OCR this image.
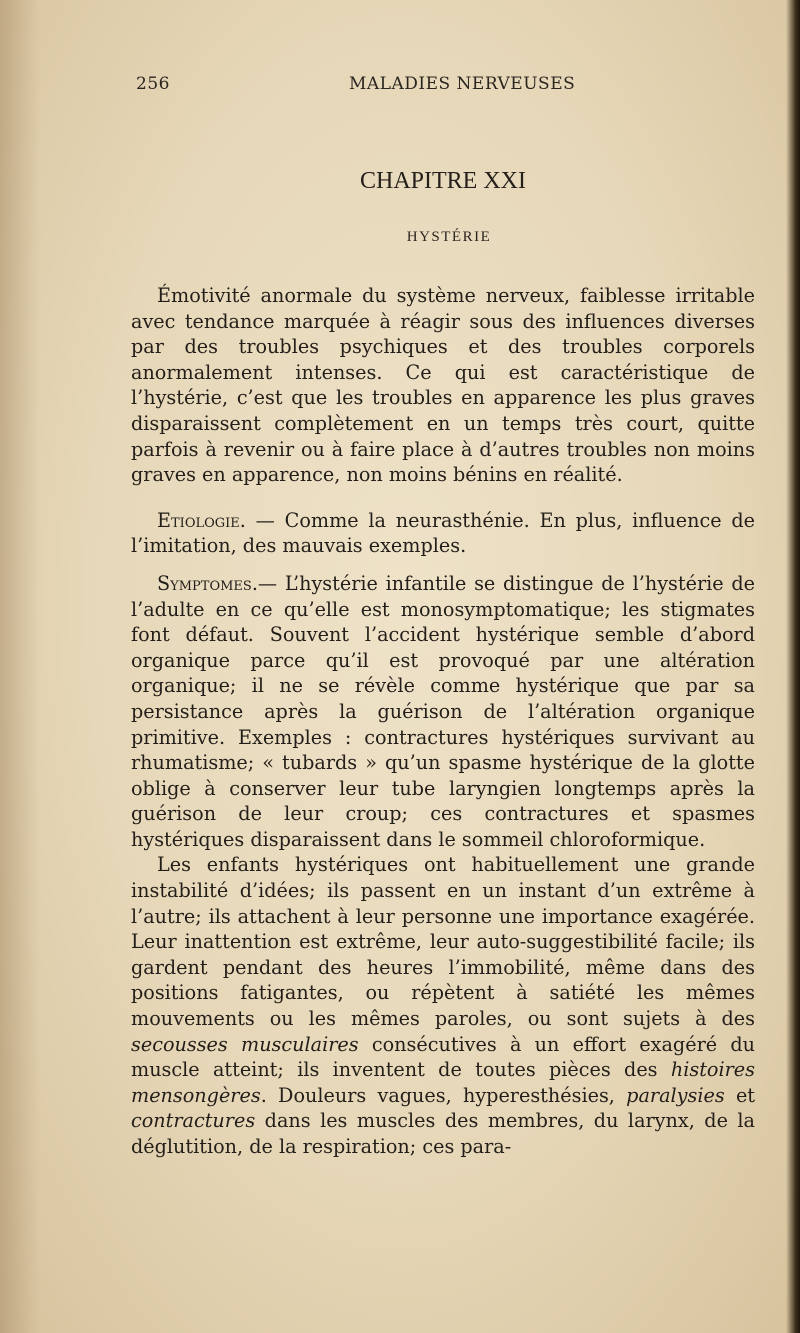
256	MALADIES NERVEUSES
CHAPITRE XXI
HYSTÉRIE

Émotivité anormale du système nerveux, faiblesse irritable avec tendance marquée à réagir sous des influences diverses par des troubles psychiques et des troubles corporels anormalement intenses. Ce qui est caractéristique de l’hystérie, c’est que les troubles en apparence les plus graves disparaissent complètement en un temps très court, quitte parfois à revenir ou à faire place à d’autres troubles non moins graves en apparence, non moins bénins en réalité.

Etiologie. — Comme la neurasthénie. En plus, influence de l’imitation, des mauvais exemples.

Symptomes.— L’hystérie infantile se distingue de l’hystérie de l’adulte en ce qu’elle est monosymptomatique; les stigmates font défaut. Souvent l’accident hystérique semble d’abord organique parce qu’il est provoqué par une altération organique; il ne se révèle comme hystérique que par sa persistance après la guérison de l’altération organique primitive. Exemples : contractures hystériques survivant au rhumatisme; « tubards » qu’un spasme hystérique de la glotte oblige à conserver leur tube laryngien longtemps après la guérison de leur croup; ces contractures et spasmes hystériques disparaissent dans le sommeil chloroformique.

Les enfants hystériques ont habituellement une grande instabilité d’idées; ils passent en un instant d’un extrême à l’autre; ils attachent à leur personne une importance exagérée. Leur inattention est extrême, leur auto-suggestibilité facile; ils gardent pendant des heures l’immobilité, même dans des positions fatigantes, ou répètent à satiété les mêmes mouvements ou les mêmes paroles, ou sont sujets à des secousses musculaires consécutives à un effort exagéré du muscle atteint; ils inventent de toutes pièces des histoires mensongères. Douleurs vagues, hyperesthésies, paralysies et contractures dans les muscles des membres, du larynx, de la déglutition, de la respiration; ces para-
